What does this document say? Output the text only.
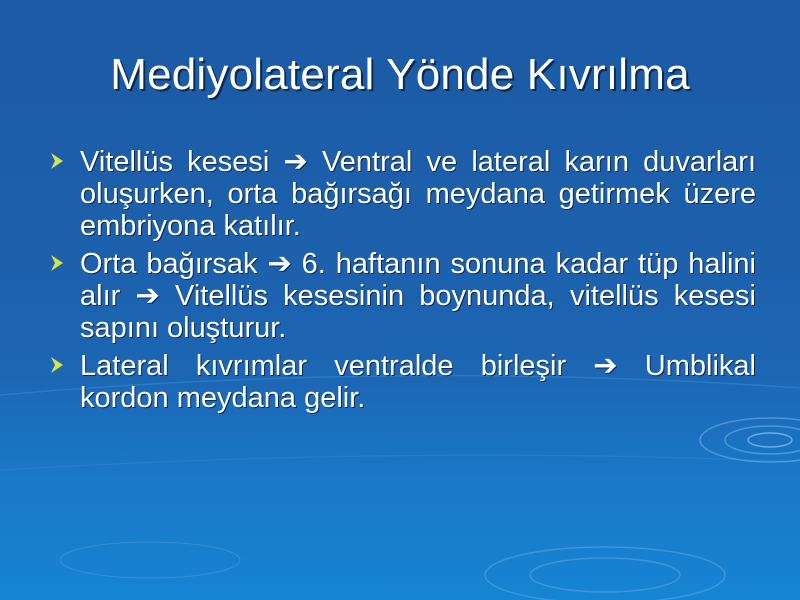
Mediyolateral Yönde Kıvrılma
Vitellüs kesesi ➔ Ventral ve lateral karın duvarları oluşurken, orta bağırsağı meydana getirmek üzere embriyona katılır.
Orta bağırsak ➔ 6. haftanın sonuna kadar tüp halini alır ➔ Vitellüs kesesinin boynunda, vitellüs kesesi sapını oluşturur.
Lateral kıvrımlar ventralde birleşir ➔ Umblikal kordon meydana gelir.
